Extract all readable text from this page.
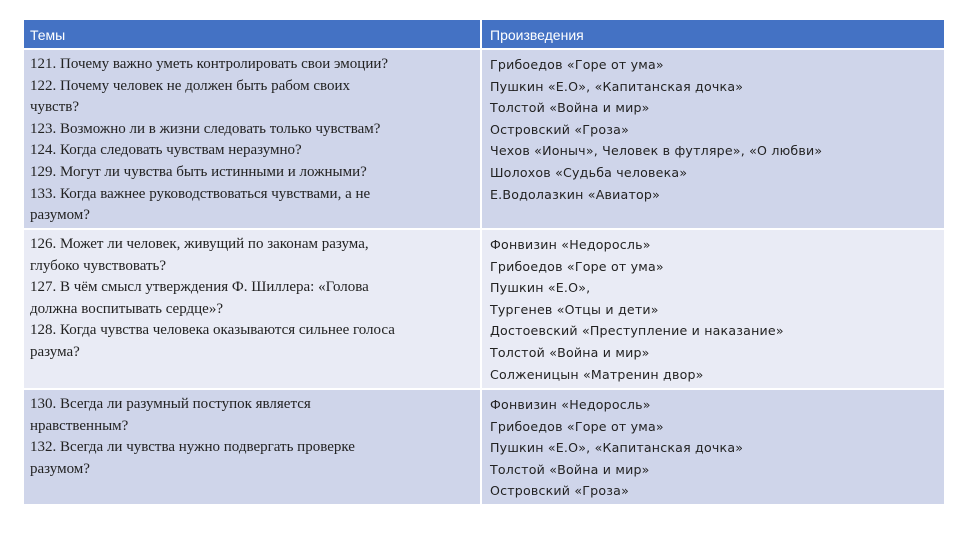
Темы	Произведения
121. Почему важно уметь контролировать свои эмоции?
122. Почему человек не должен быть рабом своих
чувств?
123. Возможно ли в жизни следовать только чувствам?
124. Когда следовать чувствам неразумно?
129. Могут ли чувства быть истинными и ложными?
133. Когда важнее руководствоваться чувствами, а не
разумом?
Грибоедов «Горе от ума»
Пушкин «Е.О», «Капитанская дочка»
Толстой «Война и мир»
Островский «Гроза»
Чехов «Ионыч», Человек в футляре», «О любви»
Шолохов «Судьба человека»
Е.Водолазкин «Авиатор»
126. Может ли человек, живущий по законам разума,
глубоко чувствовать?
127. В чём смысл утверждения Ф. Шиллера: «Голова
должна воспитывать сердце»?
128. Когда чувства человека оказываются сильнее голоса
разума?
Фонвизин «Недоросль»
Грибоедов «Горе от ума»
Пушкин «Е.О»,
Тургенев «Отцы и дети»
Достоевский «Преступление и наказание»
Толстой «Война и мир»
Солженицын «Матренин двор»
130. Всегда ли разумный поступок является
нравственным?
132. Всегда ли чувства нужно подвергать проверке
разумом?
Фонвизин «Недоросль»
Грибоедов «Горе от ума»
Пушкин «Е.О», «Капитанская дочка»
Толстой «Война и мир»
Островский «Гроза»
